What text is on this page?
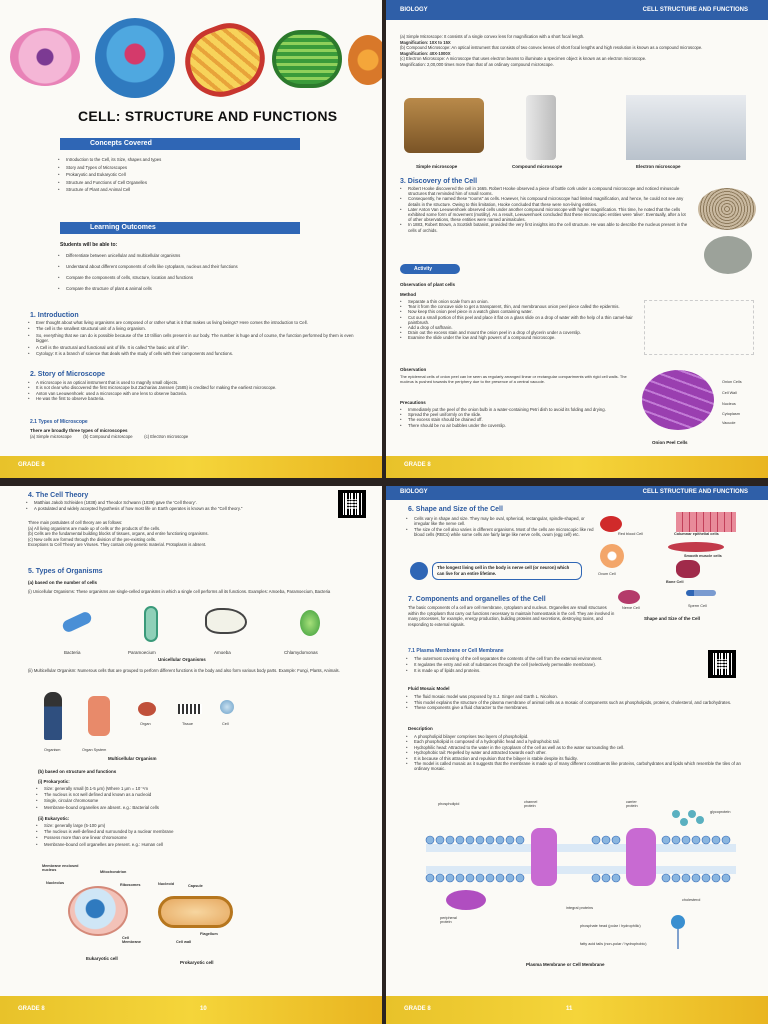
CELL: STRUCTURE AND FUNCTIONS
Concepts Covered
• Introduction to the Cell, its Size, shapes and types
• Story and Types of Microscopes
• Prokaryotic and Eukaryotic Cell
• Structure and Functions of Cell Organelles
• Structure of Plant and Animal Cell
Learning Outcomes
Students will be able to:
• Differentiate between unicellular and multicellular organisms
• Understand about different components of cells like cytoplasm, nucleus and their functions
• Compare the components of cells, structure, location and functions
• Compare the structure of plant & animal cells
1. Introduction
• Ever thought about what living organisms are composed of or rather what is it that makes us living beings? Here comes the introduction to Cell.
• The cell is the smallest structural unit of a living organism.
• So, everything that we can do is possible because of the 10 trillion cells present in our body. The number is huge and of course, the function performed by them is even bigger.
• A Cell is the structural and functional unit of life. It is called "the basic unit of life".
• Cytology: It is a branch of science that deals with the study of cells with their components and functions.
2. Story of Microscope
• A microscope is an optical instrument that is used to magnify small objects.
• It is not clear who discovered the first microscope but Zacharias Janssen (1585) is credited for making the earliest microscope.
• Anton van Leeuwenhoek: used a microscope with one lens to observe bacteria.
• He was the first to observe bacteria.
2.1 Types of Microscope
There are broadly three types of microscopes
(a) Simple microscope          (b) Compound microscope          (c) Electron microscope
GRADE 8
BIOLOGY	CELL STRUCTURE AND FUNCTIONS
(a) Simple Microscope: It consists of a single convex lens for magnification with a short focal length.
Magnification: 10X to 15X
(b) Compound Microscope: An optical instrument that consists of two convex lenses of short focal lengths and high resolution is known as a compound microscope.
Magnification: 40X-1000X
(c) Electron Microscope: A microscope that uses electron beams to illuminate a specimen object is known as an electron microscope.
Magnification: 2,00,000 times more than that of an ordinary compound microscope.
Simple microscope	Compound microscope	Electron microscope
3. Discovery of the Cell
• Robert Hooke discovered the cell in 1665. Robert Hooke observed a piece of bottle cork under a compound microscope and noticed minuscule structures that reminded him of small rooms.
• Consequently, he named these "rooms" as cells. However, his compound microscope had limited magnification, and hence, he could not see any details in the structure. Owing to this limitation, Hooke concluded that these were non-living entities.
• Later Anton Van Leeuwenhoek observed cells under another compound microscope with higher magnification. This time, he noted that the cells exhibited some form of movement (motility). As a result, Leeuwenhoek concluded that these microscopic entities were 'alive'. Eventually, after a lot of other observations, these entities were named animalcules.
• In 1883, Robert Brown, a Scottish botanist, provided the very first insights into the cell structure. He was able to describe the nucleus present in the cells of orchids.
Activity
Observation of plant cells
Method
• Separate a thin onion scale from an onion.
• Tear it from the concave side to get a transparent, thin, and membranous onion peel piece called the epidermis.
• Now keep this onion peel piece in a watch glass containing water.
• Cut out a small portion of this peel and place it flat on a glass slide on a drop of water with the help of a thin camel-hair paintbrush.
• Add a drop of saffranin.
• Drain out the excess stain and mount the onion peel in a drop of glycerin under a coverslip.
• Examine the slide under the low and high powers of a compound microscope.
Observation
The epidermal cells of onion peel can be seen as regularly arranged linear or rectangular compartments with rigid cell walls. The nucleus is pushed towards the periphery due to the presence of a central vacuole.
Precautions
• Immediately put the peel of the onion bulb in a water-containing Petri dish to avoid its folding and drying.
• Spread the peel uniformly on the slide.
• The excess stain should be drained off.
• There should be no air bubbles under the coverslip.
Onion Cells
Cell Wall
Nucleus
Cytoplasm
Vacuole
Onion Peel Cells
GRADE 8
4. The Cell Theory
• Matthias Jakob Schleiden (1838) and Theodor Schwann (1839) gave the 'Cell theory'.
• A postulated and widely accepted hypothesis of how most life on Earth operates is known as the "Cell theory."
Three main postulates of cell theory are as follows:
(a) All living organisms are made up of cells or the products of the cells.
(b) Cells are the fundamental building blocks of tissues, organs, and entire functioning organisms.
(c) New cells are formed through the division of the pre-existing cells.
Exceptions to Cell Theory are Viruses. They contain only genetic material. Protoplasm is absent.
5. Types of Organisms
(a) based on the number of cells
(i) Unicellular Organisms: These organisms are single-celled organisms in which a single cell performs all its functions. Examples: Amoeba, Paramoecium, Bacteria
Bacteria	Paramoecium	Amoeba	Chlamydomonas
Unicellular Organisms
(ii) Multicellular Organism: Numerous cells that are grouped to perform different functions in the body and also form various body parts. Example: Fungi, Plants, Animals.
Organism	Organ System
Organ	Tissue	Cell
Multicellular Organism
(b) based on structure and functions
(i) Prokaryotic:
• Size: generally small (0.1-5 μm) (Where 1 μm = 10⁻⁶m
• The nucleus is not well defined and known as a nucleoid
• Single, circular chromosome
• Membrane-bound organelles are absent. e.g.: Bacterial cells
(ii) Eukaryotic:
• Size: generally large (5-100 μm)
• The nucleus is well-defined and surrounded by a nuclear membrane
• Possess more than one linear chromosome
• Membrane-bound cell organelles are present. e.g.: Human cell
Membrane enclosed nucleus	Mitochondrion
Nucleolus	Ribosomes	Nucleoid	Capsule
Cell Membrane	Cell wall
Flagellum
Eukaryotic cell
Prokaryotic cell
GRADE 8	10
BIOLOGY	CELL STRUCTURE AND FUNCTIONS
6. Shape and Size of the Cell
• Cells vary in shape and size. They may be oval, spherical, rectangular, spindle-shaped, or irregular like the nerve cell.
• The size of the cell also varies in different organisms. Most of the cells are microscopic like red blood cells (RBCs) while some cells are fairly large like nerve cells, ovum (egg cell) etc.
The longest living cell in the body is nerve cell (or neuron) which can live for an entire lifetime.
Red blood Cell	Columnar epithelial cells
Smooth muscle cells
Ovum Cell
Bone Cell
Nerve Cell	Sperm Cell
Shape and Size of the Cell
7. Components and organelles of the Cell
The basic components of a cell are cell membrane, cytoplasm and nucleus. Organelles are small structures within the cytoplasm that carry out functions necessary to maintain homeostasis in the cell. They are involved in many processes, for example, energy production, building proteins and secretions, destroying toxins, and responding to external signals.
7.1 Plasma Membrane or Cell Membrane
• The outermost covering of the cell separates the contents of the cell from the external environment.
• It regulates the entry and exit of substances through the cell (selectively permeable membrane).
• It is made up of lipids and proteins.
Fluid Mosaic Model
• The fluid mosaic model was proposed by S.J. Singer and Garth L. Nicolson.
• This model explains the structure of the plasma membrane of animal cells as a mosaic of components such as phospholipids, proteins, cholesterol, and carbohydrates.
• These components give a fluid character to the membranes.
Description
• A phospholipid bilayer comprises two layers of phospholipid.
• Each phospholipid is composed of a hydrophilic head and a hydrophobic tail.
• Hydrophilic head: Attracted to the water in the cytoplasm of the cell as well as to the water surrounding the cell.
• Hydrophobic tail: Repelled by water and attracted towards each other.
• It is because of this attraction and repulsion that the bilayer is stable despite its fluidity.
• The model is called mosaic as it suggests that the membrane is made up of many different constituents like proteins, carbohydrates and lipids which resemble the tiles of an ordinary mosaic.
phospholipid	channel protein
carrier protein
glycoprotein
cholesterol
peripheral protein
integral proteins
phosphate head (polar / hydrophilic)
fatty acid tails (non-polar / hydrophobic)
Plasma Membrane or Cell Membrane
GRADE 8	11
